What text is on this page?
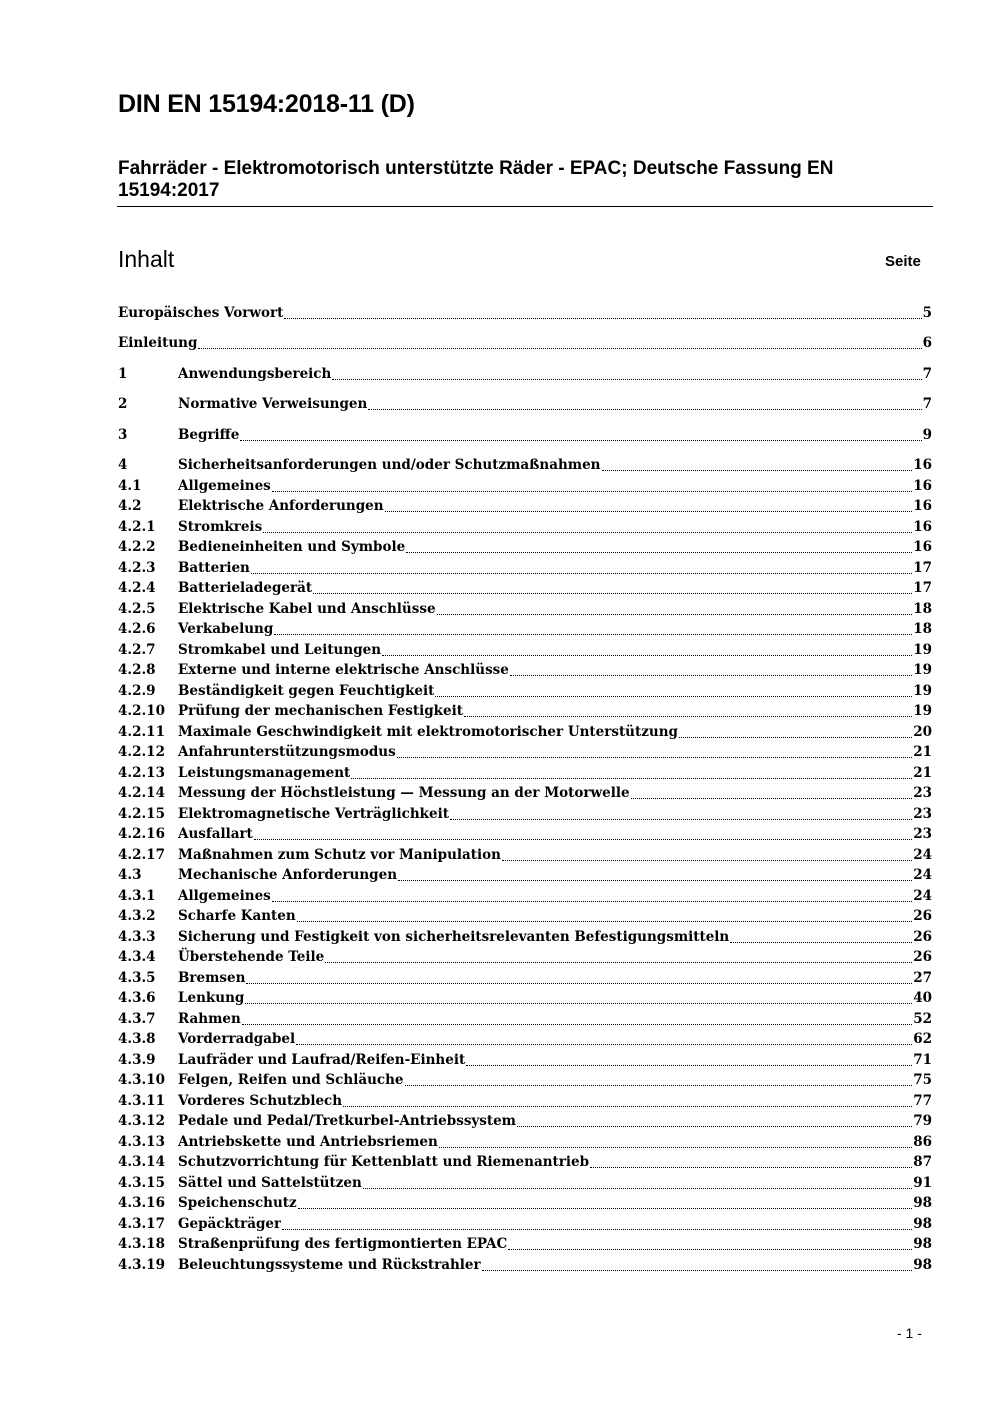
DIN EN 15194:2018-11 (D)
Fahrräder - Elektromotorisch unterstützte Räder - EPAC; Deutsche Fassung EN 15194:2017
Inhalt	Seite
Europäisches Vorwort	5
Einleitung	6
1	Anwendungsbereich	7
2	Normative Verweisungen	7
3	Begriffe	9
4	Sicherheitsanforderungen und/oder Schutzmaßnahmen	16
4.1	Allgemeines	16
4.2	Elektrische Anforderungen	16
4.2.1	Stromkreis	16
4.2.2	Bedieneinheiten und Symbole	16
4.2.3	Batterien	17
4.2.4	Batterieladegerät	17
4.2.5	Elektrische Kabel und Anschlüsse	18
4.2.6	Verkabelung	18
4.2.7	Stromkabel und Leitungen	19
4.2.8	Externe und interne elektrische Anschlüsse	19
4.2.9	Beständigkeit gegen Feuchtigkeit	19
4.2.10 Prüfung der mechanischen Festigkeit	19
4.2.11 Maximale Geschwindigkeit mit elektromotorischer Unterstützung	20
4.2.12 Anfahrunterstützungsmodus	21
4.2.13 Leistungsmanagement	21
4.2.14 Messung der Höchstleistung — Messung an der Motorwelle	23
4.2.15 Elektromagnetische Verträglichkeit	23
4.2.16 Ausfallart	23
4.2.17 Maßnahmen zum Schutz vor Manipulation	24
4.3	Mechanische Anforderungen	24
4.3.1	Allgemeines	24
4.3.2	Scharfe Kanten	26
4.3.3	Sicherung und Festigkeit von sicherheitsrelevanten Befestigungsmitteln	26
4.3.4	Überstehende Teile	26
4.3.5	Bremsen	27
4.3.6	Lenkung	40
4.3.7	Rahmen	52
4.3.8	Vorderradgabel	62
4.3.9	Laufräder und Laufrad/Reifen-Einheit	71
4.3.10 Felgen, Reifen und Schläuche	75
4.3.11 Vorderes Schutzblech	77
4.3.12 Pedale und Pedal/Tretkurbel-Antriebssystem	79
4.3.13 Antriebskette und Antriebsriemen	86
4.3.14 Schutzvorrichtung für Kettenblatt und Riemenantrieb	87
4.3.15 Sättel und Sattelstützen	91
4.3.16 Speichenschutz	98
4.3.17 Gepäckträger	98
4.3.18 Straßenprüfung des fertigmontierten EPAC	98
4.3.19 Beleuchtungssysteme und Rückstrahler	98
- 1 -
